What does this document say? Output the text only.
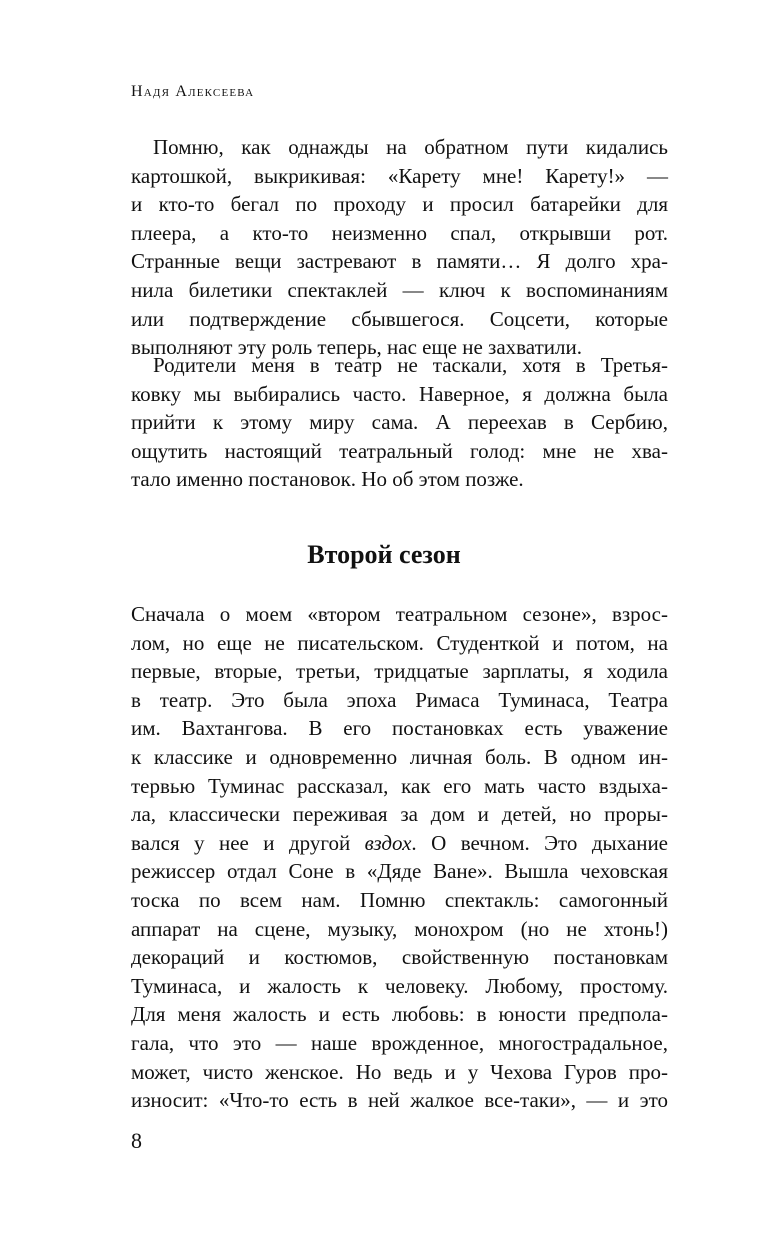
Надя Алексеева
Помню, как однажды на обратном пути кидались
картошкой, выкрикивая: «Карету мне! Карету!» —
и кто-то бегал по проходу и просил батарейки для
плеера, а кто-то неизменно спал, открывши рот.
Странные вещи застревают в памяти… Я долго хра-
нила билетики спектаклей — ключ к воспоминаниям
или подтверждение сбывшегося. Соцсети, которые
выполняют эту роль теперь, нас еще не захватили.
Родители меня в театр не таскали, хотя в Третья-
ковку мы выбирались часто. Наверное, я должна была
прийти к этому миру сама. А переехав в Сербию,
ощутить настоящий театральный голод: мне не хва-
тало именно постановок. Но об этом позже.
Второй сезон
Сначала о моем «втором театральном сезоне», взрос-
лом, но еще не писательском. Студенткой и потом, на
первые, вторые, третьи, тридцатые зарплаты, я ходила
в театр. Это была эпоха Римаса Туминаса, Театра
им. Вахтангова. В его постановках есть уважение
к классике и одновременно личная боль. В одном ин-
тервью Туминас рассказал, как его мать часто вздыха-
ла, классически переживая за дом и детей, но проры-
вался у нее и другой вздох. О вечном. Это дыхание
режиссер отдал Соне в «Дяде Ване». Вышла чеховская
тоска по всем нам. Помню спектакль: самогонный
аппарат на сцене, музыку, монохром (но не хтонь!)
декораций и костюмов, свойственную постановкам
Туминаса, и жалость к человеку. Любому, простому.
Для меня жалость и есть любовь: в юности предпола-
гала, что это — наше врожденное, многострадальное,
может, чисто женское. Но ведь и у Чехова Гуров про-
износит: «Что-то есть в ней жалкое все-таки», — и это
8
